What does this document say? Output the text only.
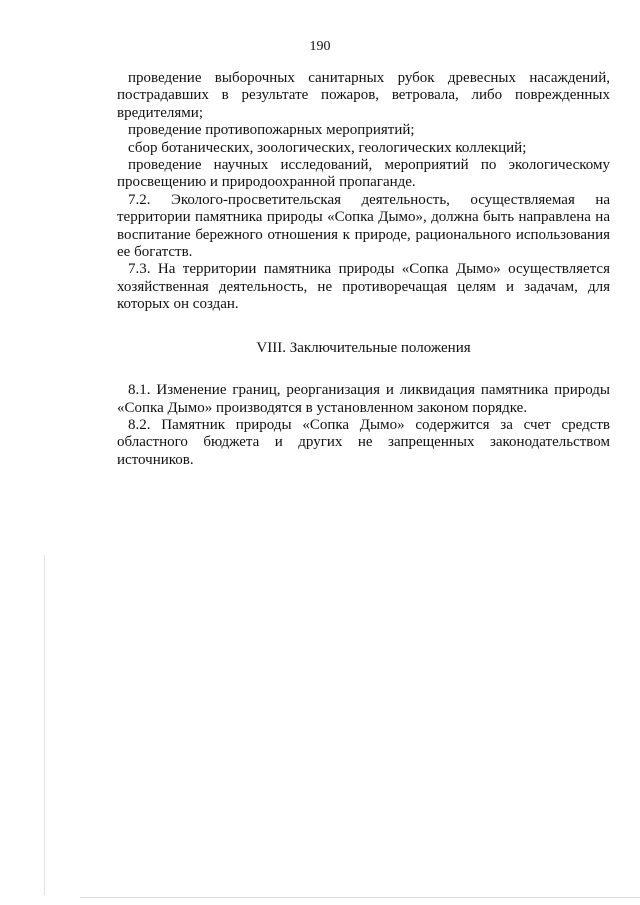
190

проведение выборочных санитарных рубок древесных насаждений, пострадавших в результате пожаров, ветровала, либо поврежденных вредителями;

проведение противопожарных мероприятий;

сбор ботанических, зоологических, геологических коллекций;

проведение научных исследований, мероприятий по экологическому просвещению и природоохранной пропаганде.

7.2. Эколого-просветительская деятельность, осуществляемая на территории памятника природы «Сопка Дымо», должна быть направлена на воспитание бережного отношения к природе, рационального использования ее богатств.

7.3. На территории памятника природы «Сопка Дымо» осуществляется хозяйственная деятельность, не противоречащая целям и задачам, для которых он создан.

VIII. Заключительные положения

8.1. Изменение границ, реорганизация и ликвидация памятника природы «Сопка Дымо» производятся в установленном законом порядке.

8.2. Памятник природы «Сопка Дымо» содержится за счет средств областного бюджета и других не запрещенных законодательством источников.
